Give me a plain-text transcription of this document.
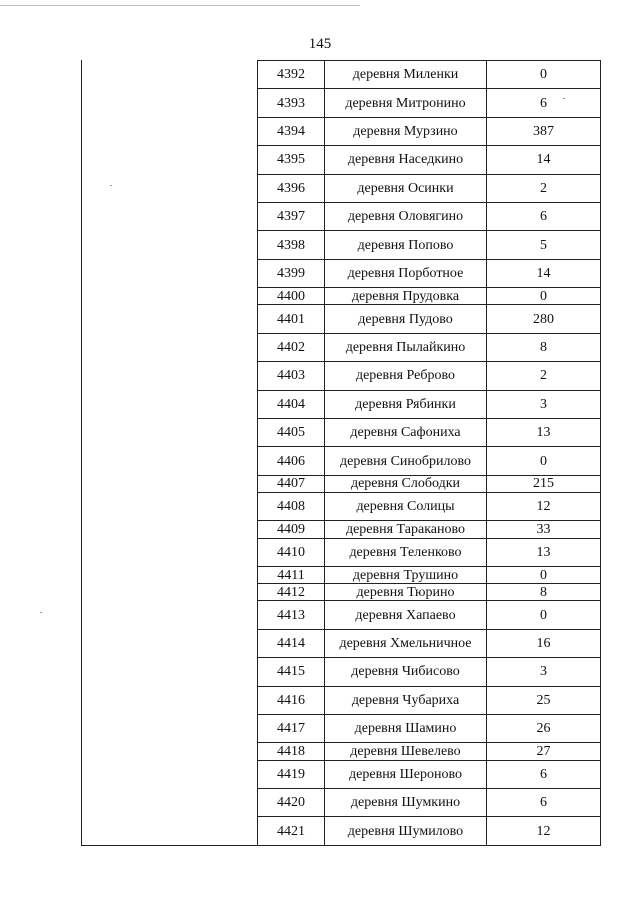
145
4392	деревня Миленки	0
4393	деревня Митронино	6
4394	деревня Мурзино	387
4395	деревня Наседкино	14
4396	деревня Осинки	2
4397	деревня Оловягино	6
4398	деревня Попово	5
4399	деревня Порботное	14
4400	деревня Прудовка	0
4401	деревня Пудово	280
4402	деревня Пылайкино	8
4403	деревня Реброво	2
4404	деревня Рябинки	3
4405	деревня Сафониха	13
4406	деревня Синобрилово	0
4407	деревня Слободки	215
4408	деревня Солицы	12
4409	деревня Тараканово	33
4410	деревня Теленково	13
4411	деревня Трушино	0
4412	деревня Тюрино	8
4413	деревня Хапаево	0
4414	деревня Хмельничное	16
4415	деревня Чибисово	3
4416	деревня Чубариха	25
4417	деревня Шамино	26
4418	деревня Шевелево	27
4419	деревня Шероново	6
4420	деревня Шумкино	6
4421	деревня Шумилово	12
